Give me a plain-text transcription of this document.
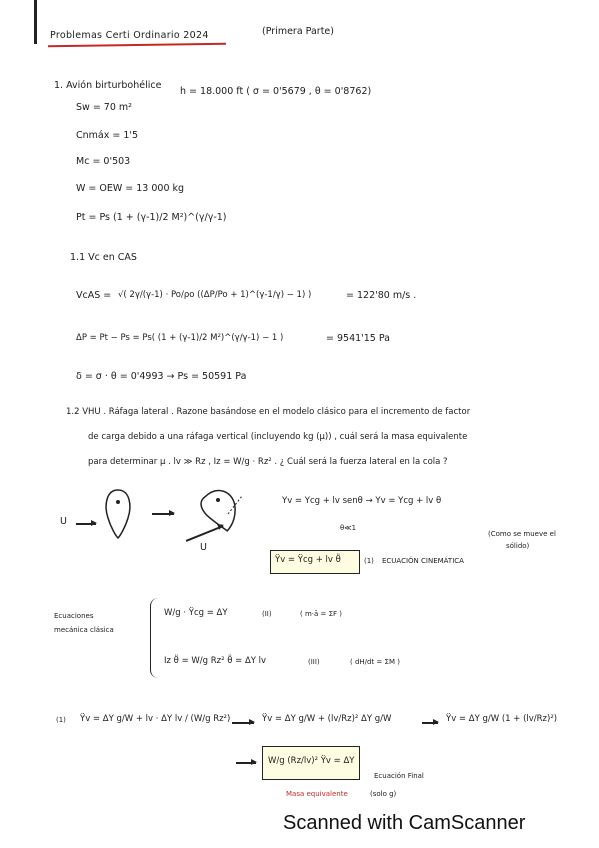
Problemas Certi Ordinario 2024	(Primera Parte)
1. Avión birturbohélice
h = 18.000 ft ( σ = 0'5679 , θ = 0'8762)
Sw = 70 m²
Cnmáx = 1'5
Mc = 0'503
W = OEW = 13 000 kg
Pt = Ps (1 + (γ-1)/2 M²)^(γ/γ-1)
1.1 Vc en CAS
VcAS = √( 2γ/(γ-1) · Po/ρo ((ΔP/Po + 1)^(γ-1/γ) − 1) )	= 122'80 m/s .
ΔP = Pt − Ps = Ps( (1 + (γ-1)/2 M²)^(γ/γ-1) − 1 )	= 9541'15 Pa
δ = σ · θ = 0'4993 → Ps = 50591 Pa
1.2 VHU . Ráfaga lateral . Razone basándose en el modelo clásico para el incremento de factor
de carga debido a una ráfaga vertical (incluyendo kg (μ)) , cuál será la masa equivalente
para determinar μ . lv ≫ Rz , Iz = W/g · Rz² . ¿ Cuál será la fuerza lateral en la cola ?
U
U
Yv = Ycg + lv senθ → Yv = Ycg + lv θ
θ≪1
(Como se mueve el
sólido)
Ÿv = Ÿcg + lv θ̈	(1) ECUACIÓN CINEMÁTICA
Ecuaciones
mecánica clásica
W/g · Ÿcg = ΔY	(II)	( m·ā = ΣF )
Iz θ̈ = W/g Rz² θ̈ = ΔY lv	(III)	( dH/dt = ΣM )
(1) Ÿv = ΔY g/W + lv · ΔY lv / (W/g Rz²)	Ÿv = ΔY g/W + (lv/Rz)² ΔY g/W	Ÿv = ΔY g/W (1 + (lv/Rz)²)
W/g (Rz/lv)² Ÿv = ΔY
Ecuación Final
Masa equivalente	(solo g)
Scanned with CamScanner
